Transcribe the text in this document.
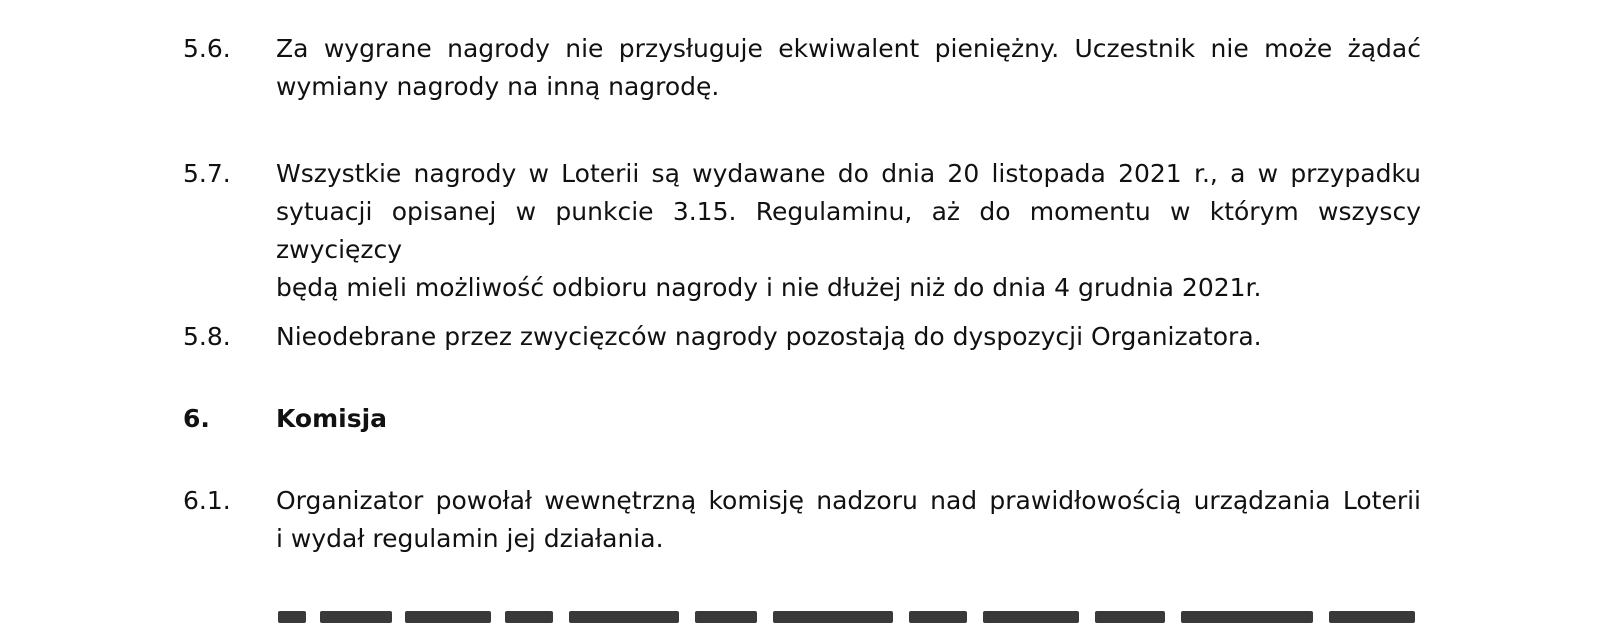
5.6.	Za wygrane nagrody nie przysługuje ekwiwalent pieniężny. Uczestnik nie może żądać
wymiany nagrody na inną nagrodę.
5.7.	Wszystkie nagrody w Loterii są wydawane do dnia 20 listopada 2021 r., a w przypadku
sytuacji opisanej w punkcie 3.15. Regulaminu, aż do momentu w którym wszyscy zwycięzcy
będą mieli możliwość odbioru nagrody i nie dłużej niż do dnia 4 grudnia 2021r.
5.8.	Nieodebrane przez zwycięzców nagrody pozostają do dyspozycji Organizatora.
6.	Komisja
6.1.	Organizator powołał wewnętrzną komisję nadzoru nad prawidłowością urządzania Loterii
i wydał regulamin jej działania.
